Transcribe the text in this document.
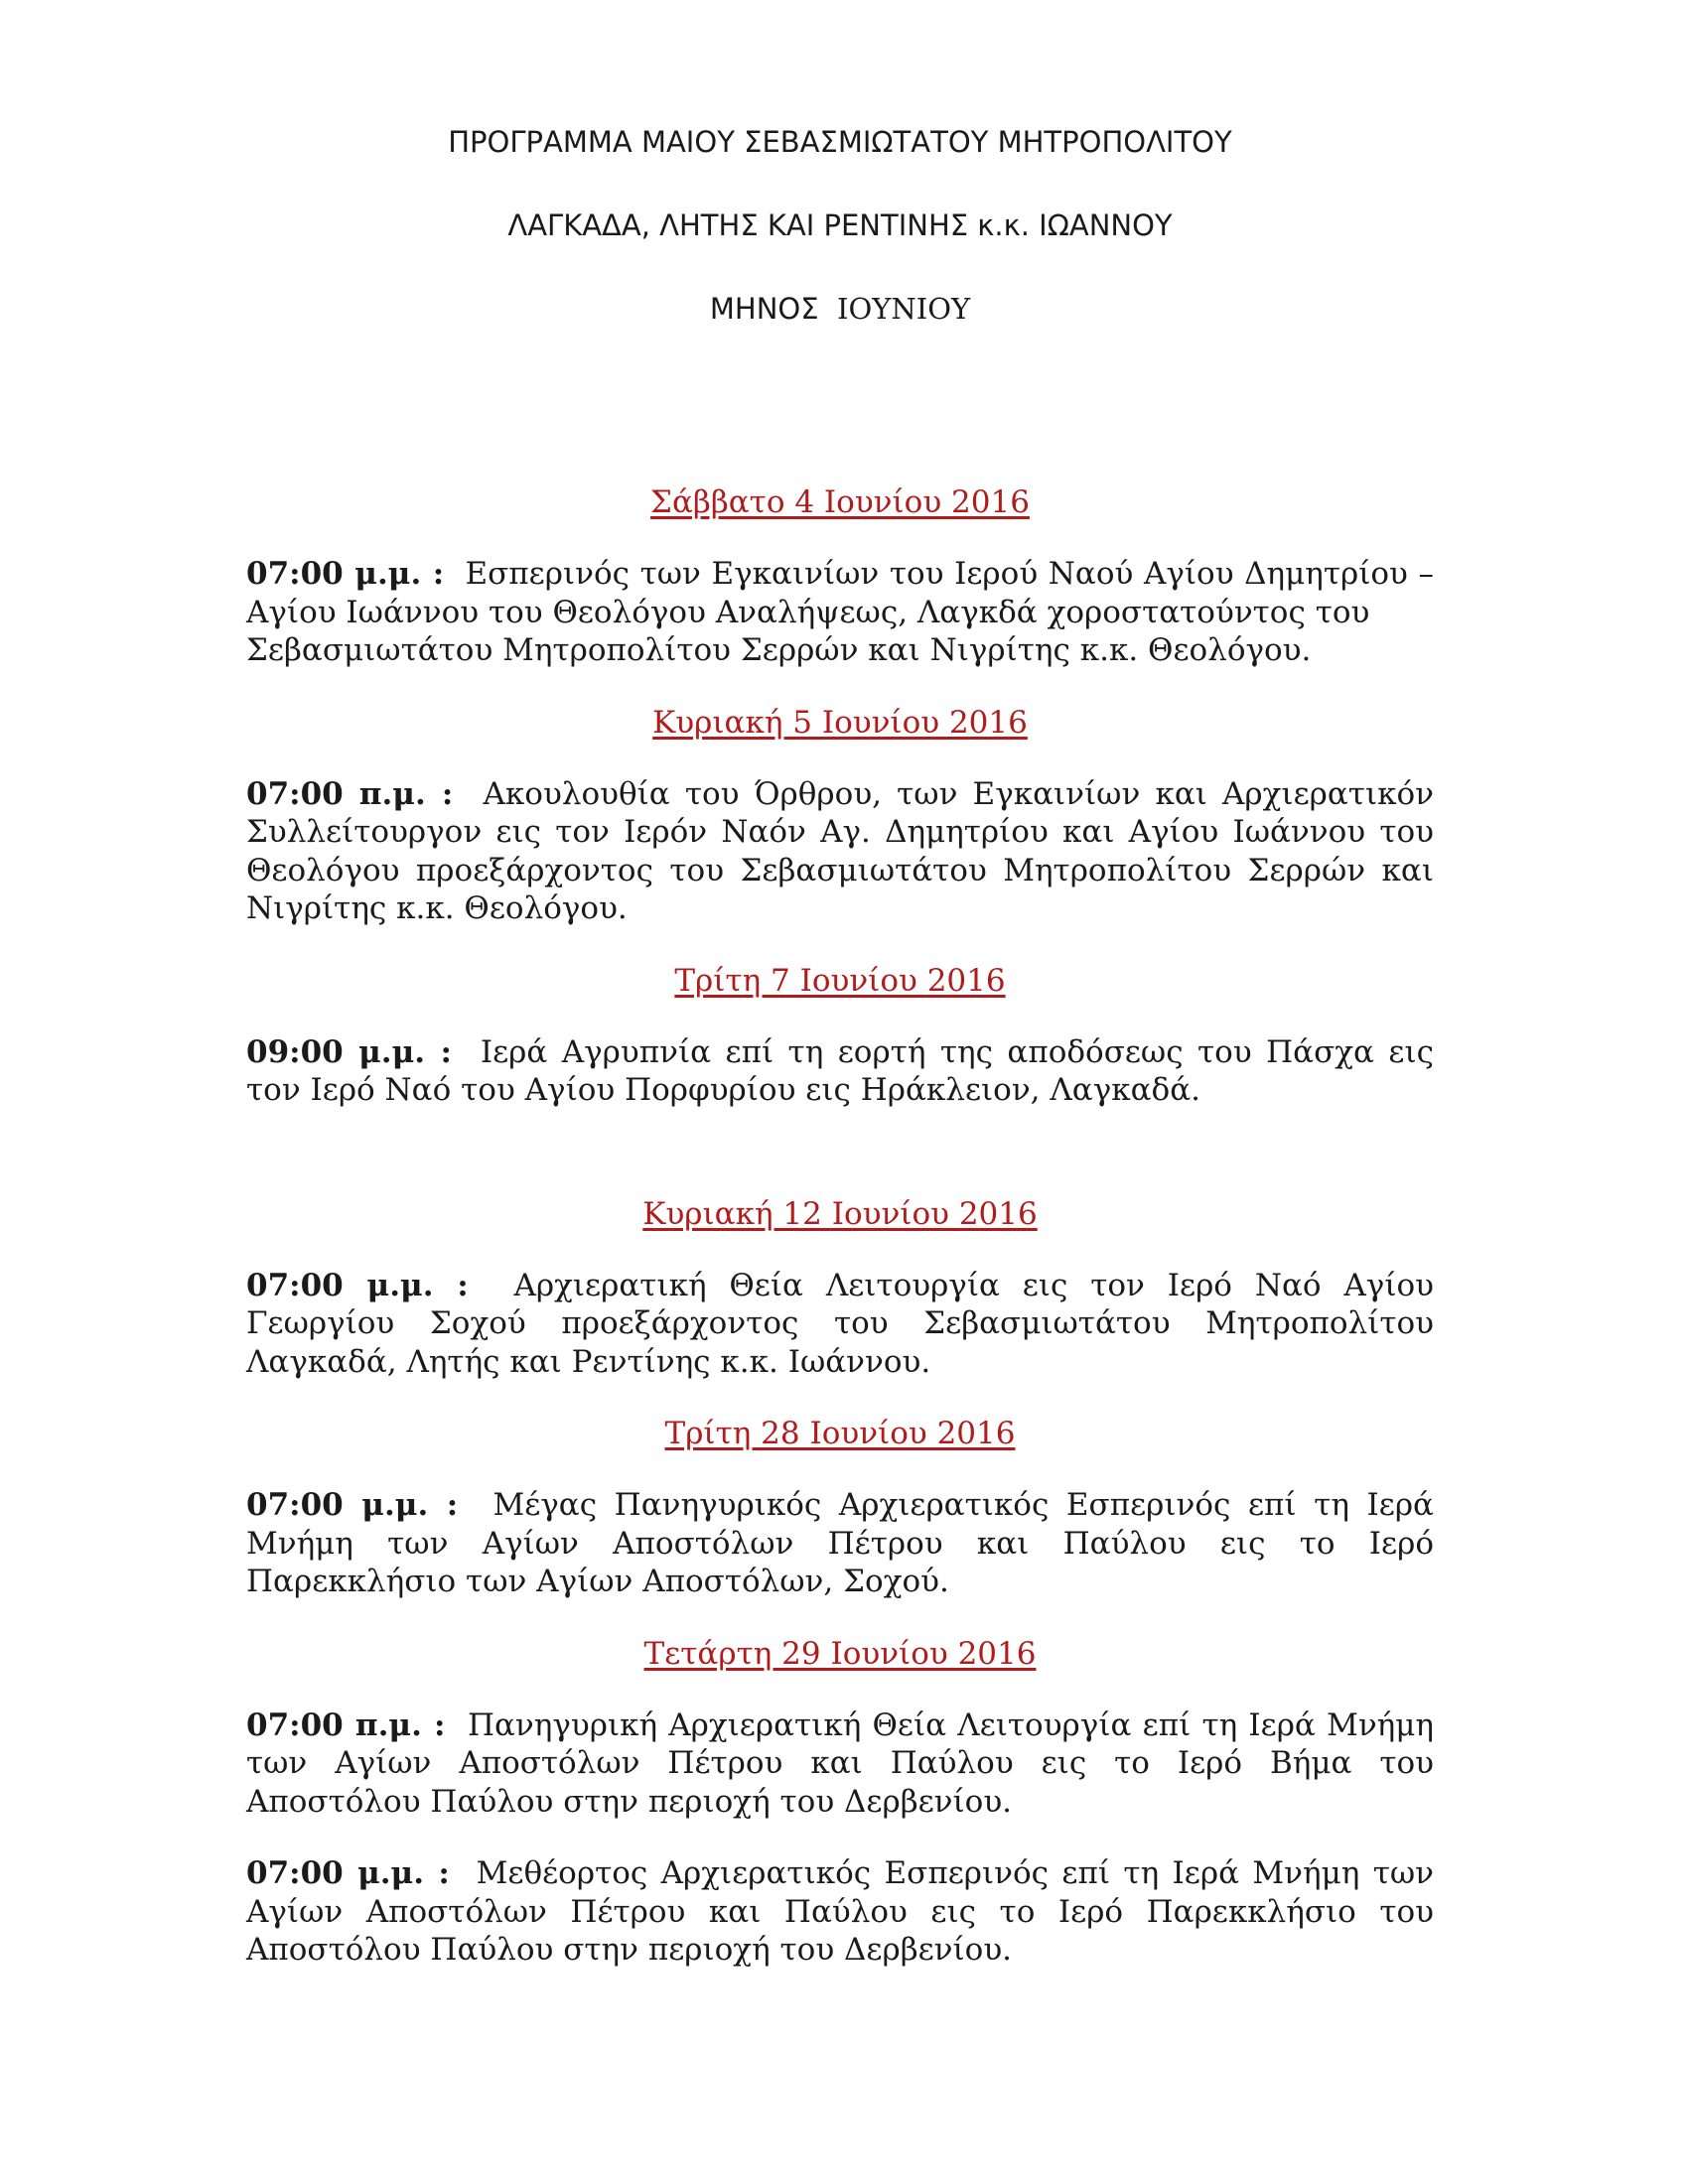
ΠΡΟΓΡΑΜΜΑ ΜΑΙΟΥ ΣΕΒΑΣΜΙΩΤΑΤΟΥ ΜΗΤΡΟΠΟΛΙΤΟΥ

ΛΑΓΚΑΔΑ, ΛΗΤΗΣ ΚΑΙ ΡΕΝΤΙΝΗΣ κ.κ. ΙΩΑΝΝΟΥ

ΜΗΝΟΣ ΙΟΥΝΙΟΥ

Σάββατο 4 Ιουνίου 2016

07:00 μ.μ. : Εσπερινός των Εγκαινίων του Ιερού Ναού Αγίου Δημητρίου – Αγίου Ιωάννου του Θεολόγου Αναλήψεως, Λαγκδά χοροστατούντος του
Σεβασμιωτάτου Μητροπολίτου Σερρών και Νιγρίτης κ.κ. Θεολόγου.

Κυριακή 5 Ιουνίου 2016

07:00 π.μ. : Ακουλουθία του Όρθρου, των Εγκαινίων και Αρχιερατικόν Συλλείτουργον εις τον Ιερόν Ναόν Αγ. Δημητρίου και Αγίου Ιωάννου του Θεολόγου προεξάρχοντος του Σεβασμιωτάτου Μητροπολίτου Σερρών και Νιγρίτης κ.κ. Θεολόγου.

Τρίτη 7 Ιουνίου 2016

09:00 μ.μ. : Ιερά Αγρυπνία επί τη εορτή της αποδόσεως του Πάσχα εις τον Ιερό Ναό του Αγίου Πορφυρίου εις Ηράκλειον, Λαγκαδά.

Κυριακή 12 Ιουνίου 2016

07:00 μ.μ. : Αρχιερατική Θεία Λειτουργία εις τον Ιερό Ναό Αγίου Γεωργίου Σοχού προεξάρχοντος του Σεβασμιωτάτου Μητροπολίτου Λαγκαδά, Λητής και Ρεντίνης κ.κ. Ιωάννου.

Τρίτη 28 Ιουνίου 2016

07:00 μ.μ. : Μέγας Πανηγυρικός Αρχιερατικός Εσπερινός επί τη Ιερά Μνήμη των Αγίων Αποστόλων Πέτρου και Παύλου εις το Ιερό Παρεκκλήσιο των Αγίων Αποστόλων, Σοχού.

Τετάρτη 29 Ιουνίου 2016

07:00 π.μ. : Πανηγυρική Αρχιερατική Θεία Λειτουργία επί τη Ιερά Μνήμη των Αγίων Αποστόλων Πέτρου και Παύλου εις το Ιερό Βήμα του Αποστόλου Παύλου στην περιοχή του Δερβενίου.

07:00 μ.μ. : Μεθέορτος Αρχιερατικός Εσπερινός επί τη Ιερά Μνήμη των Αγίων Αποστόλων Πέτρου και Παύλου εις το Ιερό Παρεκκλήσιο του Αποστόλου Παύλου στην περιοχή του Δερβενίου.
